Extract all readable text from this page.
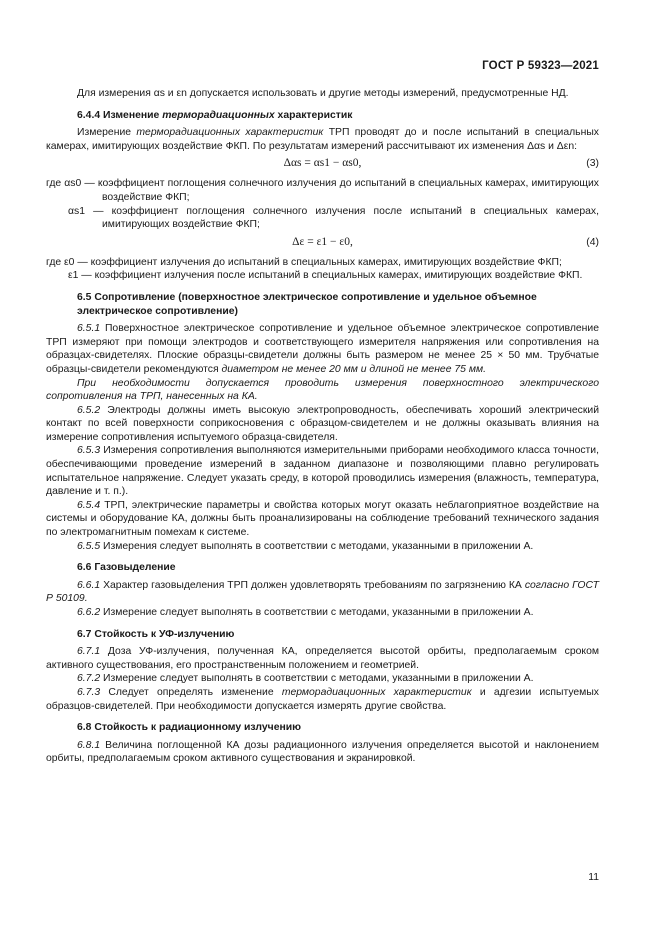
ГОСТ Р 59323—2021

Для измерения αs и εn допускается использовать и другие методы измерений, предусмотренные НД.

6.4.4 Изменение терморадиационных характеристик

Измерение терморадиационных характеристик ТРП проводят до и после испытаний в специальных камерах, имитирующих воздействие ФКП. По результатам измерений рассчитывают их изменения Δαs и Δεn:

Δαs = αs1 − αs0,	(3)

где αs0 — коэффициент поглощения солнечного излучения до испытаний в специальных камерах, имитирующих воздействие ФКП;

αs1 — коэффициент поглощения солнечного излучения после испытаний в специальных камерах, имитирующих воздействие ФКП;

Δε = ε1 − ε0,	(4)

где ε0 — коэффициент излучения до испытаний в специальных камерах, имитирующих воздействие ФКП;

ε1 — коэффициент излучения после испытаний в специальных камерах, имитирующих воздействие ФКП.

6.5 Сопротивление (поверхностное электрическое сопротивление и удельное объемное электрическое сопротивление)

6.5.1 Поверхностное электрическое сопротивление и удельное объемное электрическое сопротивление ТРП измеряют при помощи электродов и соответствующего измерителя напряжения или сопротивления на образцах-свидетелях. Плоские образцы-свидетели должны быть размером не менее 25 × 50 мм. Трубчатые образцы-свидетели рекомендуются диаметром не менее 20 мм и длиной не менее 75 мм.

При необходимости допускается проводить измерения поверхностного электрического сопротивления на ТРП, нанесенных на КА.

6.5.2 Электроды должны иметь высокую электропроводность, обеспечивать хороший электрический контакт по всей поверхности соприкосновения с образцом-свидетелем и не должны оказывать влияния на измерение сопротивления испытуемого образца-свидетеля.

6.5.3 Измерения сопротивления выполняются измерительными приборами необходимого класса точности, обеспечивающими проведение измерений в заданном диапазоне и позволяющими плавно регулировать испытательное напряжение. Следует указать среду, в которой проводились измерения (влажность, температура, давление и т. п.).

6.5.4 ТРП, электрические параметры и свойства которых могут оказать неблагоприятное воздействие на системы и оборудование КА, должны быть проанализированы на соблюдение требований технического задания по электромагнитным помехам к системе.

6.5.5 Измерения следует выполнять в соответствии с методами, указанными в приложении А.

6.6 Газовыделение

6.6.1 Характер газовыделения ТРП должен удовлетворять требованиям по загрязнению КА согласно ГОСТ Р 50109.

6.6.2 Измерение следует выполнять в соответствии с методами, указанными в приложении А.

6.7 Стойкость к УФ-излучению

6.7.1 Доза УФ-излучения, полученная КА, определяется высотой орбиты, предполагаемым сроком активного существования, его пространственным положением и геометрией.

6.7.2 Измерение следует выполнять в соответствии с методами, указанными в приложении А.

6.7.3 Следует определять изменение терморадиационных характеристик и адгезии испытуемых образцов-свидетелей. При необходимости допускается измерять другие свойства.

6.8 Стойкость к радиационному излучению

6.8.1 Величина поглощенной КА дозы радиационного излучения определяется высотой и наклонением орбиты, предполагаемым сроком активного существования и экранировкой.

11
